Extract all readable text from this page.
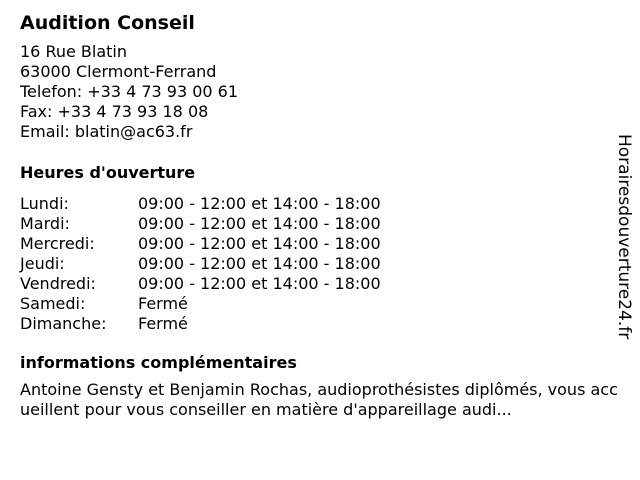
Audition Conseil
16 Rue Blatin
63000 Clermont-Ferrand
Telefon: +33 4 73 93 00 61
Fax: +33 4 73 93 18 08
Email: blatin@ac63.fr
Heures d'ouverture
Lundi:	09:00 - 12:00 et 14:00 - 18:00
Mardi:	09:00 - 12:00 et 14:00 - 18:00
Mercredi:	09:00 - 12:00 et 14:00 - 18:00
Jeudi:	09:00 - 12:00 et 14:00 - 18:00
Vendredi:	09:00 - 12:00 et 14:00 - 18:00
Samedi:	Fermé
Dimanche:	Fermé
informations complémentaires
Antoine Gensty et Benjamin Rochas, audioprothésistes diplômés, vous accueillent pour vous conseiller en matière d'appareillage audi...
Horairesdouverture24.fr
